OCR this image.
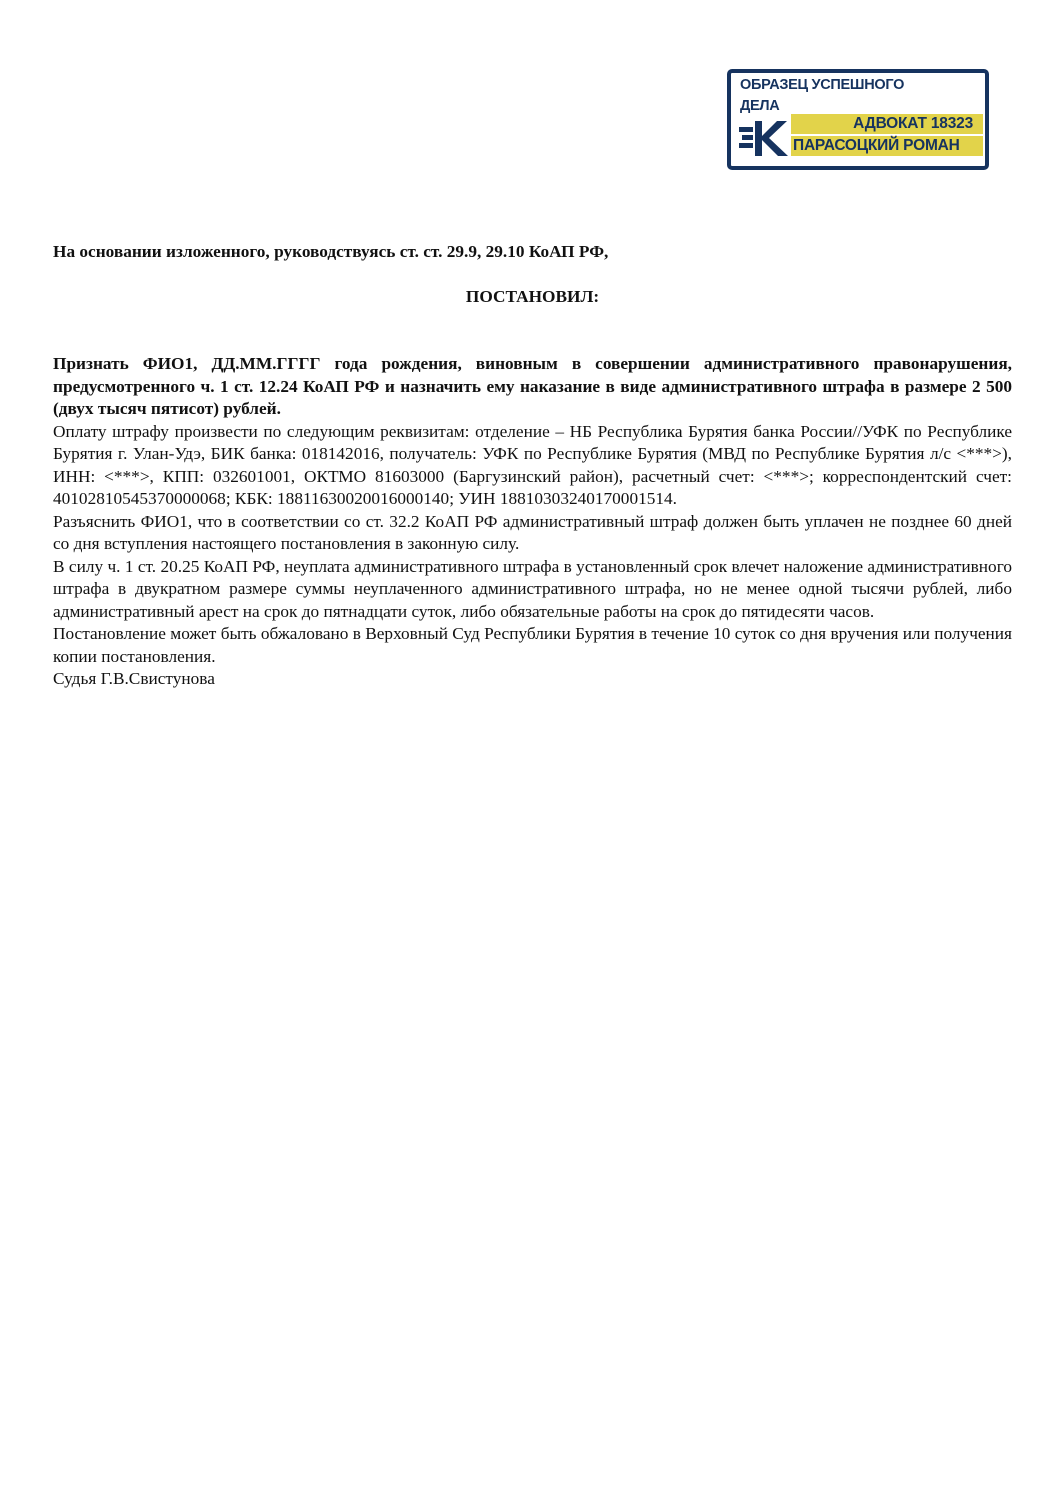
ОБРАЗЕЦ УСПЕШНОГО
ДЕЛА
АДВОКАТ 18323
ПАРАСОЦКИЙ РОМАН
На основании изложенного, руководствуясь ст. ст. 29.9, 29.10 КоАП РФ,
ПОСТАНОВИЛ:

Признать ФИО1, ДД.ММ.ГГГГ года рождения, виновным в совершении административного правонарушения, предусмотренного ч. 1 ст. 12.24 КоАП РФ и назначить ему наказание в виде административного штрафа в размере 2 500 (двух тысяч пятисот) рублей.

Оплату штрафу произвести по следующим реквизитам: отделение – НБ Республика Бурятия банка России//УФК по Республике Бурятия г. Улан-Удэ, БИК банка: 018142016, получатель: УФК по Республике Бурятия (МВД по Республике Бурятия л/с <***>), ИНН: <***>, КПП: 032601001, ОКТМО 81603000 (Баргузинский район), расчетный счет: <***>; корреспондентский счет: 40102810545370000068; КБК: 18811630020016000140; УИН 18810303240170001514.

Разъяснить ФИО1, что в соответствии со ст. 32.2 КоАП РФ административный штраф должен быть уплачен не позднее 60 дней со дня вступления настоящего постановления в законную силу.

В силу ч. 1 ст. 20.25 КоАП РФ, неуплата административного штрафа в установленный срок влечет наложение административного штрафа в двукратном размере суммы неуплаченного административного штрафа, но не менее одной тысячи рублей, либо административный арест на срок до пятнадцати суток, либо обязательные работы на срок до пятидесяти часов.

Постановление может быть обжаловано в Верховный Суд Республики Бурятия в течение 10 суток со дня вручения или получения копии постановления.

Судья Г.В.Свистунова
